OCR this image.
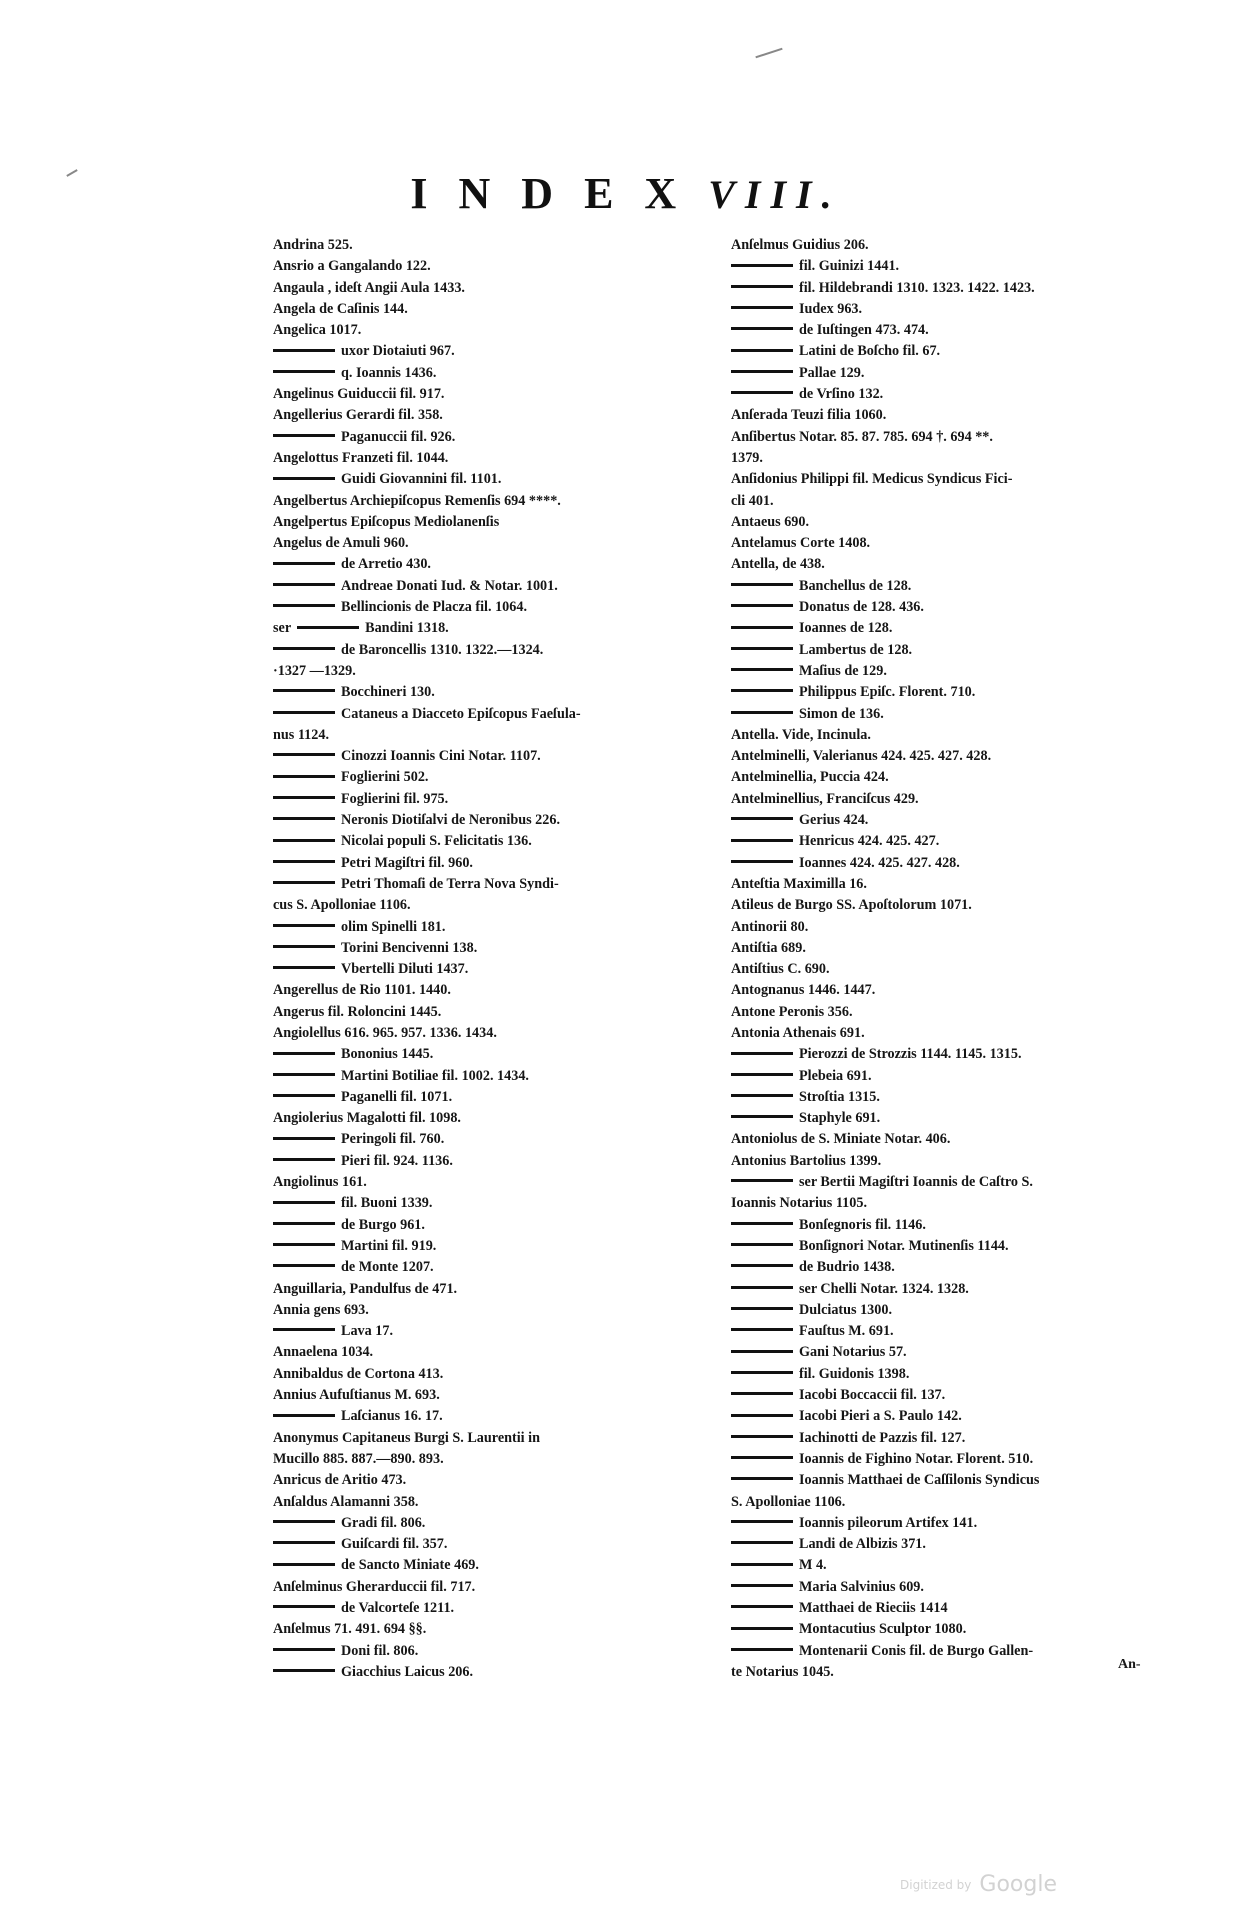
I N D E X VIII.
Andrina 525.
Ansrio a Gangalando 122.
Angaula , ideſt Angii Aula 1433.
Angela de Caſinis 144.
Angelica 1017.
uxor Diotaiuti 967.
q. Ioannis 1436.
Angelinus Guiduccii fil. 917.
Angellerius Gerardi fil. 358.
Paganuccii fil. 926.
Angelottus Franzeti fil. 1044.
Guidi Giovannini fil. 1101.
Angelbertus Archiepiſcopus Remenſis 694 ****.
Angelpertus Epiſcopus Mediolanenſis
Angelus de Amuli 960.
de Arretio 430.
Andreae Donati Iud. & Notar. 1001.
Bellincionis de Placza fil. 1064.
ser	Bandini 1318.
de Baroncellis 1310. 1322.—1324.
·1327 —1329.
Bocchineri 130.
Cataneus a Diacceto Epiſcopus Faeſula-
nus 1124.
Cinozzi Ioannis Cini Notar. 1107.
Foglierini 502.
Foglierini fil. 975.
Neronis Diotiſalvi de Neronibus 226.
Nicolai populi S. Felicitatis 136.
Petri Magiſtri fil. 960.
Petri Thomaſi de Terra Nova Syndi-
cus S. Apolloniae 1106.
olim Spinelli 181.
Torini Bencivenni 138.
Vbertelli Diluti 1437.
Angerellus de Rio 1101. 1440.
Angerus fil. Roloncini 1445.
Angiolellus 616. 965. 957. 1336. 1434.
Bononius 1445.
Martini Botiliae fil. 1002. 1434.
Paganelli fil. 1071.
Angiolerius Magalotti fil. 1098.
Peringoli fil. 760.
Pieri fil. 924. 1136.
Angiolinus 161.
fil. Buoni 1339.
de Burgo 961.
Martini fil. 919.
de Monte 1207.
Anguillaria, Pandulfus de 471.
Annia gens 693.
Lava 17.
Annaelena 1034.
Annibaldus de Cortona 413.
Annius Aufuſtianus M. 693.
Laſcianus 16. 17.
Anonymus Capitaneus Burgi S. Laurentii in
Mucillo 885. 887.—890. 893.
Anricus de Aritio 473.
Anſaldus Alamanni 358.
Gradi fil. 806.
Guiſcardi fil. 357.
de Sancto Miniate 469.
Anſelminus Gherarduccii fil. 717.
de Valcorteſe 1211.
Anſelmus 71. 491. 694 §§.
Doni fil. 806.
Giacchius Laicus 206.
Anſelmus Guidius 206.
fil. Guinizi 1441.
fil. Hildebrandi 1310. 1323. 1422. 1423.
Iudex 963.
de Iuſtingen 473. 474.
Latini de Boſcho fil. 67.
Pallae 129.
de Vrſino 132.
Anſerada Teuzi filia 1060.
Anſibertus Notar. 85. 87. 785. 694 †. 694 **.
1379.
Anſidonius Philippi fil. Medicus Syndicus Fici-
cli 401.
Antaeus 690.
Antelamus Corte 1408.
Antella, de 438.
Banchellus de 128.
Donatus de 128. 436.
Ioannes de 128.
Lambertus de 128.
Maſius de 129.
Philippus Epiſc. Florent. 710.
Simon de 136.
Antella. Vide, Incinula.
Antelminelli, Valerianus 424. 425. 427. 428.
Antelminellia, Puccia 424.
Antelminellius, Franciſcus 429.
Gerius 424.
Henricus 424. 425. 427.
Ioannes 424. 425. 427. 428.
Anteſtia Maximilla 16.
Atileus de Burgo SS. Apoſtolorum 1071.
Antinorii 80.
Antiſtia 689.
Antiſtius C. 690.
Antognanus 1446. 1447.
Antone Peronis 356.
Antonia Athenais 691.
Pierozzi de Strozzis 1144. 1145. 1315.
Plebeia 691.
Stroſtia 1315.
Staphyle 691.
Antoniolus de S. Miniate Notar. 406.
Antonius Bartolius 1399.
ser Bertii Magiſtri Ioannis de Caſtro S.
Ioannis Notarius 1105.
Bonſegnoris fil. 1146.
Bonſignori Notar. Mutinenſis 1144.
de Budrio 1438.
ser Chelli Notar. 1324. 1328.
Dulciatus 1300.
Fauſtus M. 691.
Gani Notarius 57.
fil. Guidonis 1398.
Iacobi Boccaccii fil. 137.
Iacobi Pieri a S. Paulo 142.
Iachinotti de Pazzis fil. 127.
Ioannis de Fighino Notar. Florent. 510.
Ioannis Matthaei de Caſſilonis Syndicus
S. Apolloniae 1106.
Ioannis pileorum Artifex 141.
Landi de Albizis 371.
M 4.
Maria Salvinius 609.
Matthaei de Rieciis 1414
Montacutius Sculptor 1080.
Montenarii Conis fil. de Burgo Gallen-
te Notarius 1045.	An-
Digitized by Google
